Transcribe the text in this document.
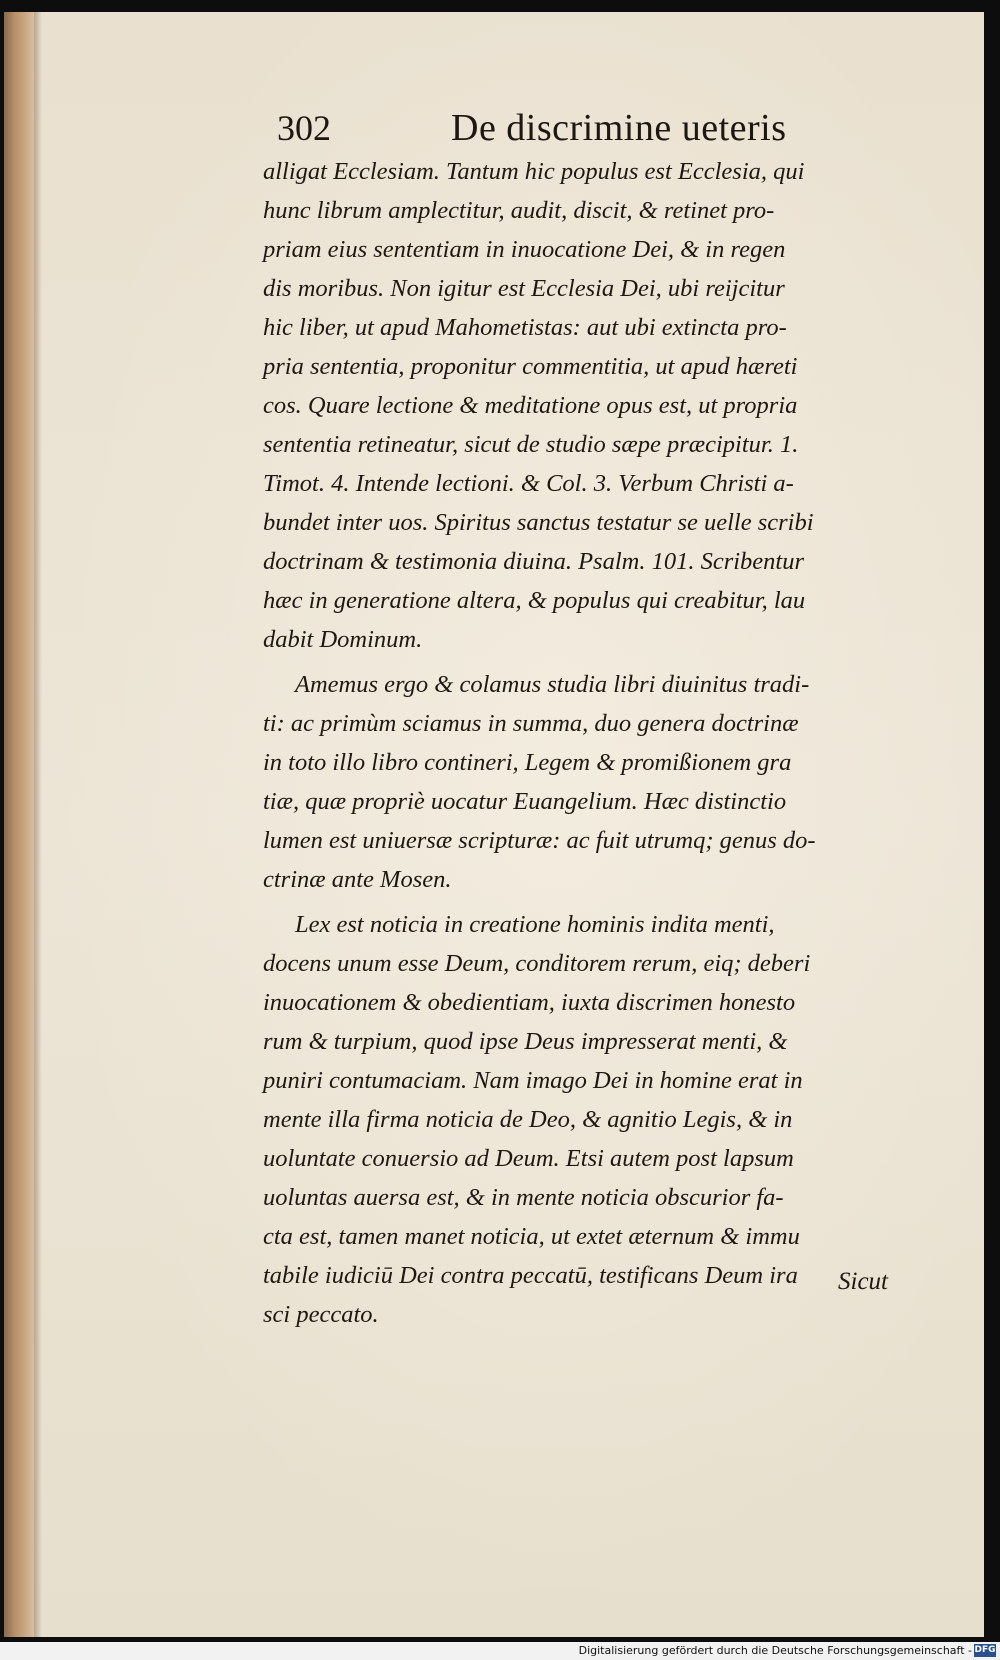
302	De discrimine ueteris
alligat Ecclesiam. Tantum hic populus est Ecclesia, qui
hunc librum amplectitur, audit, discit, & retinet pro-
priam eius sententiam in inuocatione Dei, & in regen
dis moribus. Non igitur est Ecclesia Dei, ubi reijcitur
hic liber, ut apud Mahometistas: aut ubi extincta pro-
pria sententia, proponitur commentitia, ut apud hæreti
cos. Quare lectione & meditatione opus est, ut propria
sententia retineatur, sicut de studio sæpe præcipitur. 1.
Timot. 4. Intende lectioni. & Col. 3. Verbum Christi a-
bundet inter uos. Spiritus sanctus testatur se uelle scribi
doctrinam & testimonia diuina. Psalm. 101. Scribentur
hæc in generatione altera, & populus qui creabitur, lau
dabit Dominum.
Amemus ergo & colamus studia libri diuinitus tradi-
ti: ac primùm sciamus in summa, duo genera doctrinæ
in toto illo libro contineri, Legem & promißionem gra
tiæ, quæ propriè uocatur Euangelium. Hæc distinctio
lumen est uniuersæ scripturæ: ac fuit utrumq; genus do-
ctrinæ ante Mosen.
Lex est noticia in creatione hominis indita menti,
docens unum esse Deum, conditorem rerum, eiq; deberi
inuocationem & obedientiam, iuxta discrimen honesto
rum & turpium, quod ipse Deus impresserat menti, &
puniri contumaciam. Nam imago Dei in homine erat in
mente illa firma noticia de Deo, & agnitio Legis, & in
uoluntate conuersio ad Deum. Etsi autem post lapsum
uoluntas auersa est, & in mente noticia obscurior fa-
cta est, tamen manet noticia, ut extet æternum & immu
tabile iudiciū Dei contra peccatū, testificans Deum ira
sci peccato.
Sicut
Digitalisierung gefördert durch die Deutsche Forschungsgemeinschaft - DFG
